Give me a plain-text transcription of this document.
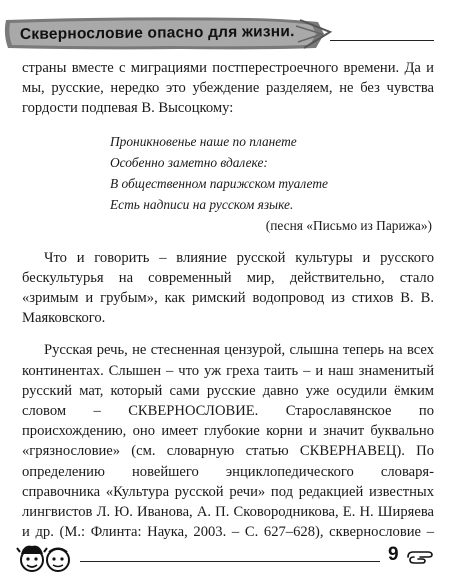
Сквернословие опасно для жизни.

страны вместе с миграциями постперестроечного времени. Да и мы, русские, нередко это убеждение разделяем, не без чувства гордости подпевая В. Высоцкому:

Проникновенье наше по планете
Особенно заметно вдалеке:
В общественном парижском туалете
Есть надписи на русском языке.
(песня «Письмо из Парижа»)

Что и говорить – влияние русской культуры и русского бескультурья на современный мир, действительно, стало «зримым и грубым», как римский водопровод из стихов В. В. Маяковского.

Русская речь, не стесненная цензурой, слышна теперь на всех континентах. Слышен – что уж греха таить – и наш знаменитый русский мат, который сами русские давно уже осудили ёмким словом – СКВЕРНОСЛОВИЕ. Старославянское по происхождению, оно имеет глубокие корни и значит буквально «грязнословие» (см. словарную статью СКВЕРНАВЕЦ). По определению новейшего энциклопедического словаря-справочника «Культура русской речи» под редакцией известных лингвистов Л. Ю. Иванова, А. П. Сковородникова, Е. Н. Ширяева и др. (М.: Флинта: Наука, 2003. – С. 627–628), сквернословие –

9
